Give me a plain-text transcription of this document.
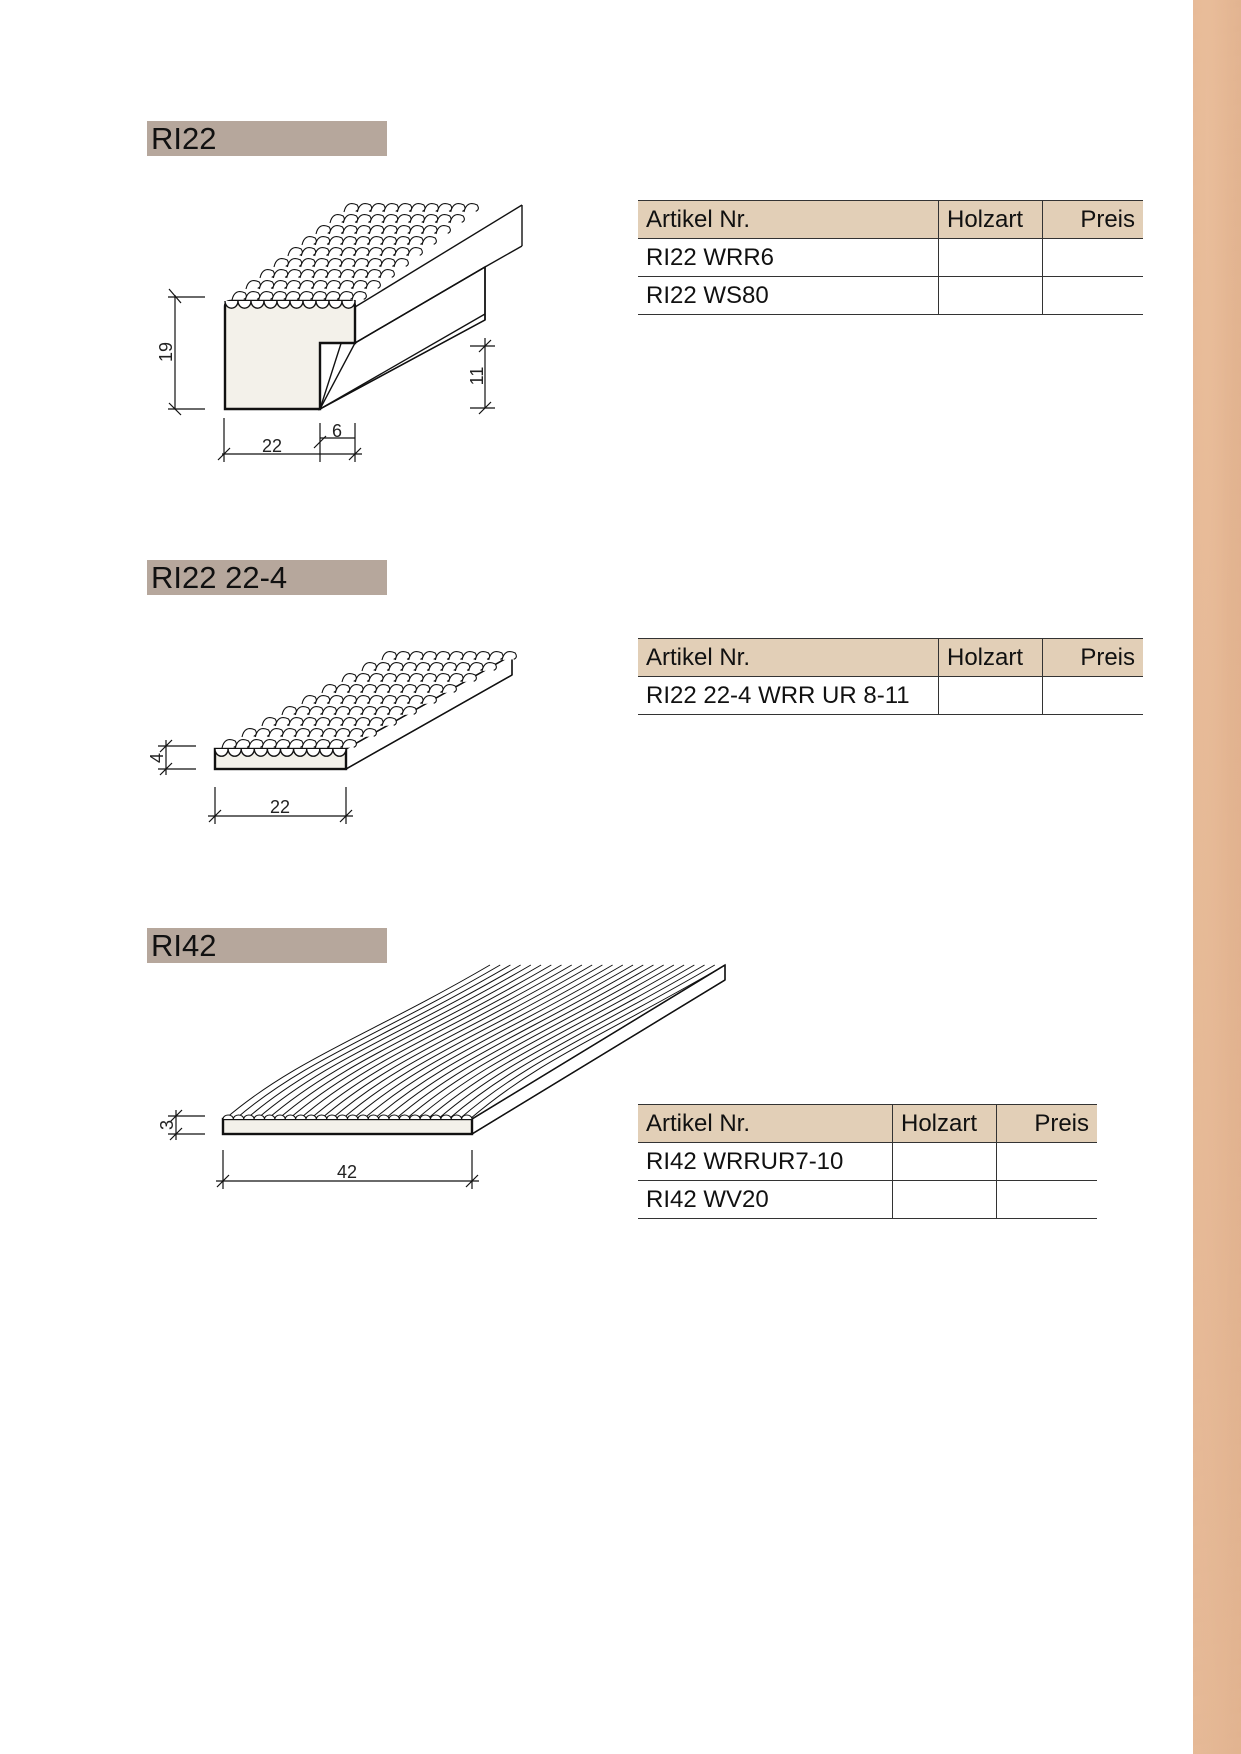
RI22
19
22
6
11
Artikel Nr.	Holzart	Preis
RI22 WRR6		
RI22 WS80		
RI22 22-4
4
22
Artikel Nr.	Holzart	Preis
RI22 22-4 WRR UR 8-11		
RI42
3
42
Artikel Nr.	Holzart	Preis
RI42 WRRUR7-10		
RI42 WV20		
